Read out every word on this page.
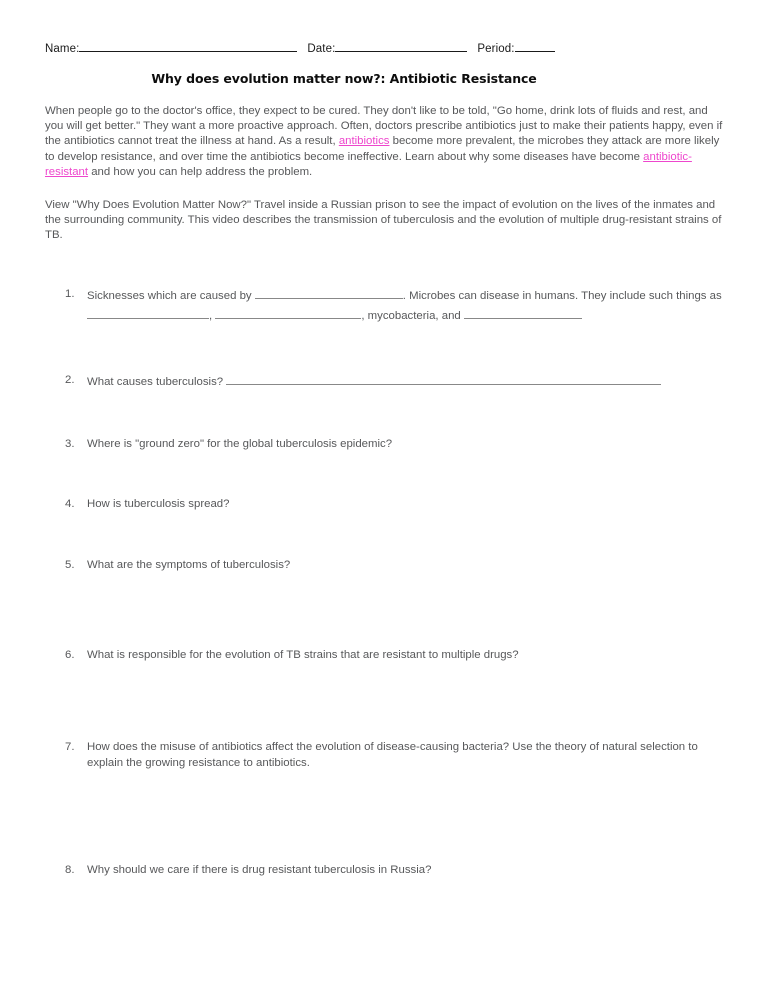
Name:	Date:	Period:
Why does evolution matter now?: Antibiotic Resistance

When people go to the doctor's office, they expect to be cured. They don't like to be told, "Go home, drink lots of fluids and rest, and you will get better." They want a more proactive approach. Often, doctors prescribe antibiotics just to make their patients happy, even if the antibiotics cannot treat the illness at hand. As a result, antibiotics become more prevalent, the microbes they attack are more likely to develop resistance, and over time the antibiotics become ineffective. Learn about why some diseases have become antibiotic-resistant and how you can help address the problem.

View "Why Does Evolution Matter Now?" Travel inside a Russian prison to see the impact of evolution on the lives of the inmates and the surrounding community. This video describes the transmission of tuberculosis and the evolution of multiple drug-resistant strains of TB.

1.	Sicknesses which are caused by	. Microbes can disease in humans. They include such things as
,	, mycobacteria, and
2.	What causes tuberculosis?
3.	Where is "ground zero" for the global tuberculosis epidemic?
4.	How is tuberculosis spread?
5.	What are the symptoms of tuberculosis?
6.	What is responsible for the evolution of TB strains that are resistant to multiple drugs?
7.	How does the misuse of antibiotics affect the evolution of disease-causing bacteria? Use the theory of natural selection to explain the growing resistance to antibiotics.
8.	Why should we care if there is drug resistant tuberculosis in Russia?
